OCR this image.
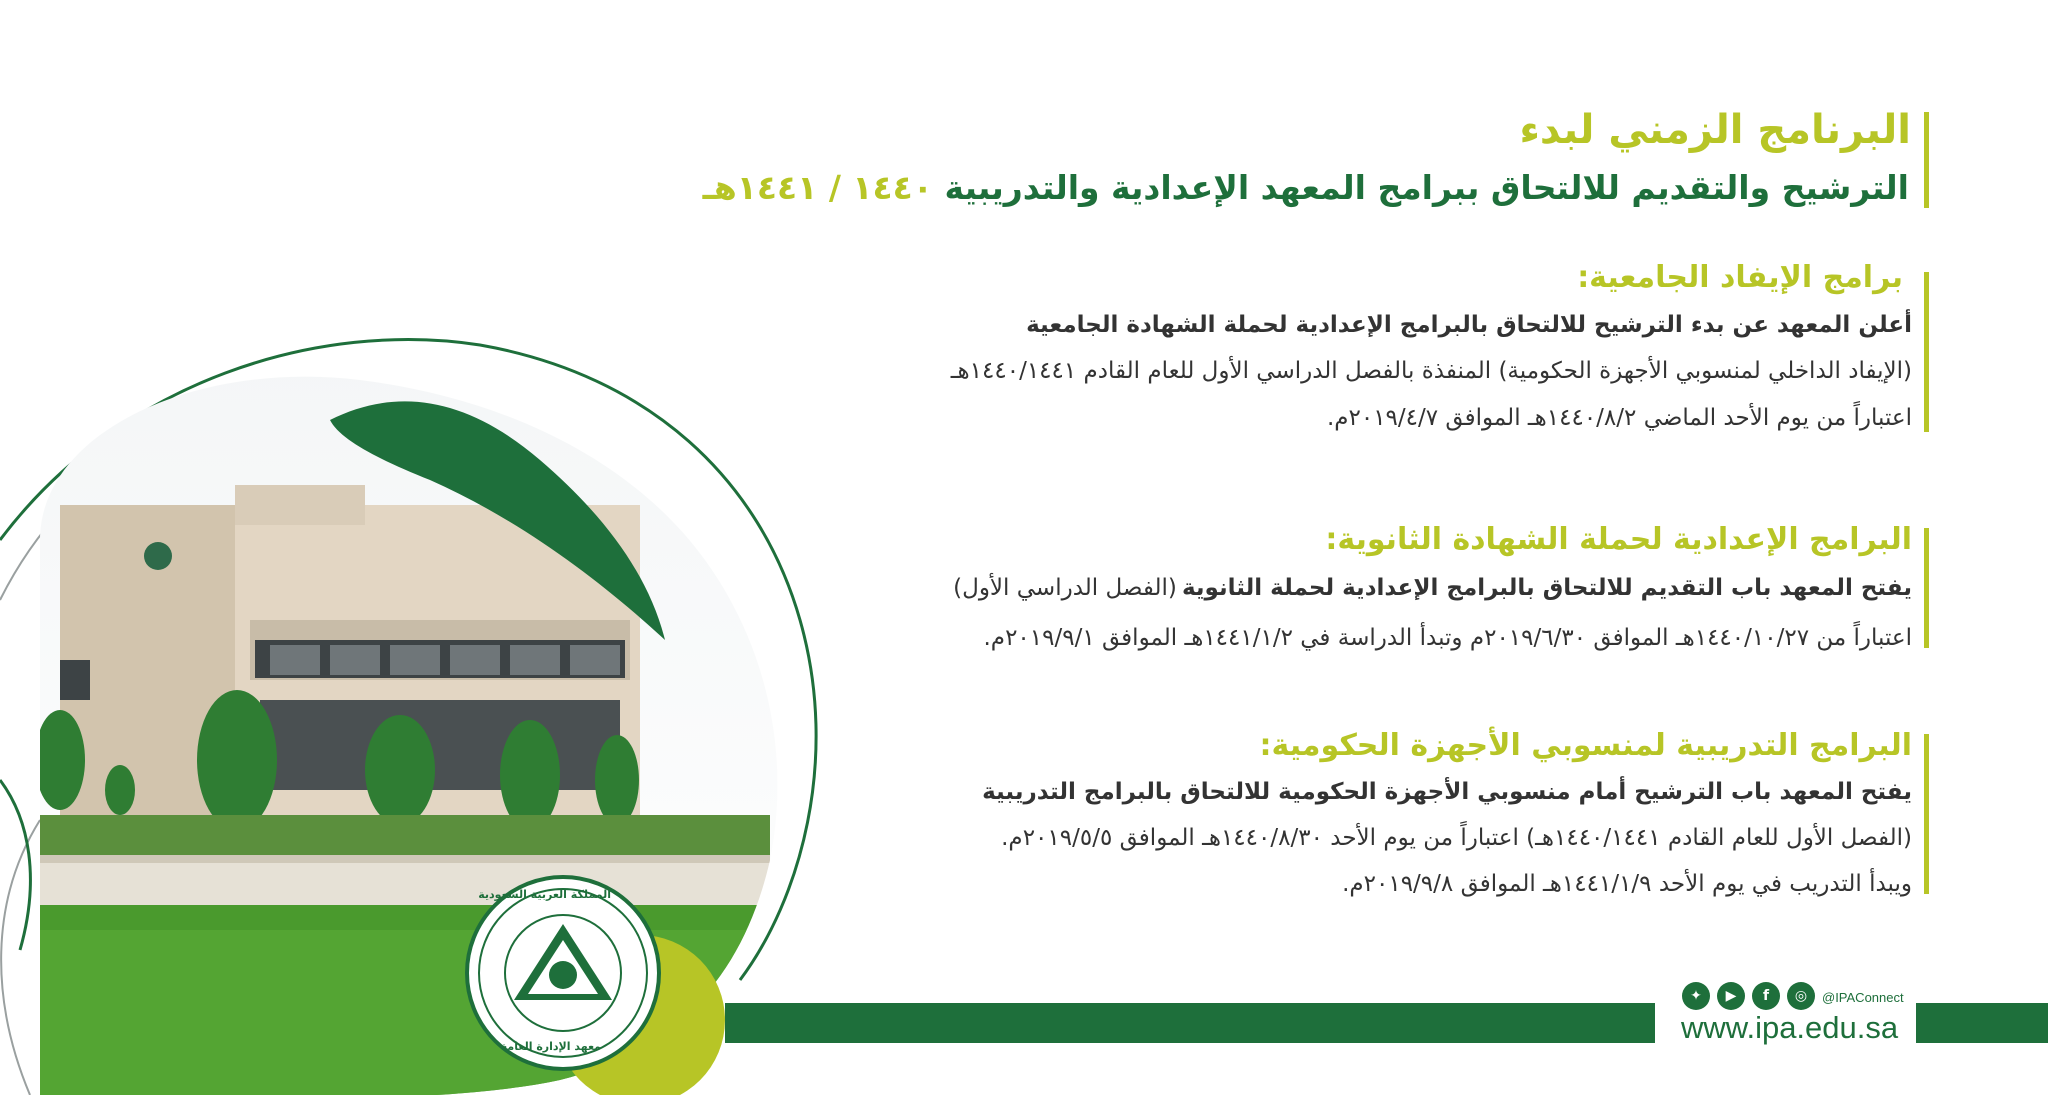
المملكة العربية السعودية
معهد الإدارة العامة
البرنامج الزمني لبدء
الترشيح والتقديم للالتحاق ببرامج المعهد الإعدادية والتدريبية ١٤٤٠ / ١٤٤١هـ
برامج الإيفاد الجامعية:
أعلن المعهد عن بدء الترشيح للالتحاق بالبرامج الإعدادية لحملة الشهادة الجامعية
(الإيفاد الداخلي لمنسوبي الأجهزة الحكومية) المنفذة بالفصل الدراسي الأول للعام القادم ١٤٤٠/١٤٤١هـ
اعتباراً من يوم الأحد الماضي ١٤٤٠/٨/٢هـ الموافق ٢٠١٩/٤/٧م.
البرامج الإعدادية لحملة الشهادة الثانوية:
يفتح المعهد باب التقديم للالتحاق بالبرامج الإعدادية لحملة الثانوية (الفصل الدراسي الأول)
اعتباراً من ١٤٤٠/١٠/٢٧هـ الموافق ٢٠١٩/٦/٣٠م وتبدأ الدراسة في ١٤٤١/١/٢هـ الموافق ٢٠١٩/٩/١م.
البرامج التدريبية لمنسوبي الأجهزة الحكومية:
يفتح المعهد باب الترشيح أمام منسوبي الأجهزة الحكومية للالتحاق بالبرامج التدريبية
(الفصل الأول للعام القادم ١٤٤٠/١٤٤١هـ) اعتباراً من يوم الأحد ١٤٤٠/٨/٣٠هـ الموافق ٢٠١٩/٥/٥م.
ويبدأ التدريب في يوم الأحد ١٤٤١/١/٩هـ الموافق ٢٠١٩/٩/٨م.
✦	▶	f	◎	@IPAConnect
www.ipa.edu.sa
